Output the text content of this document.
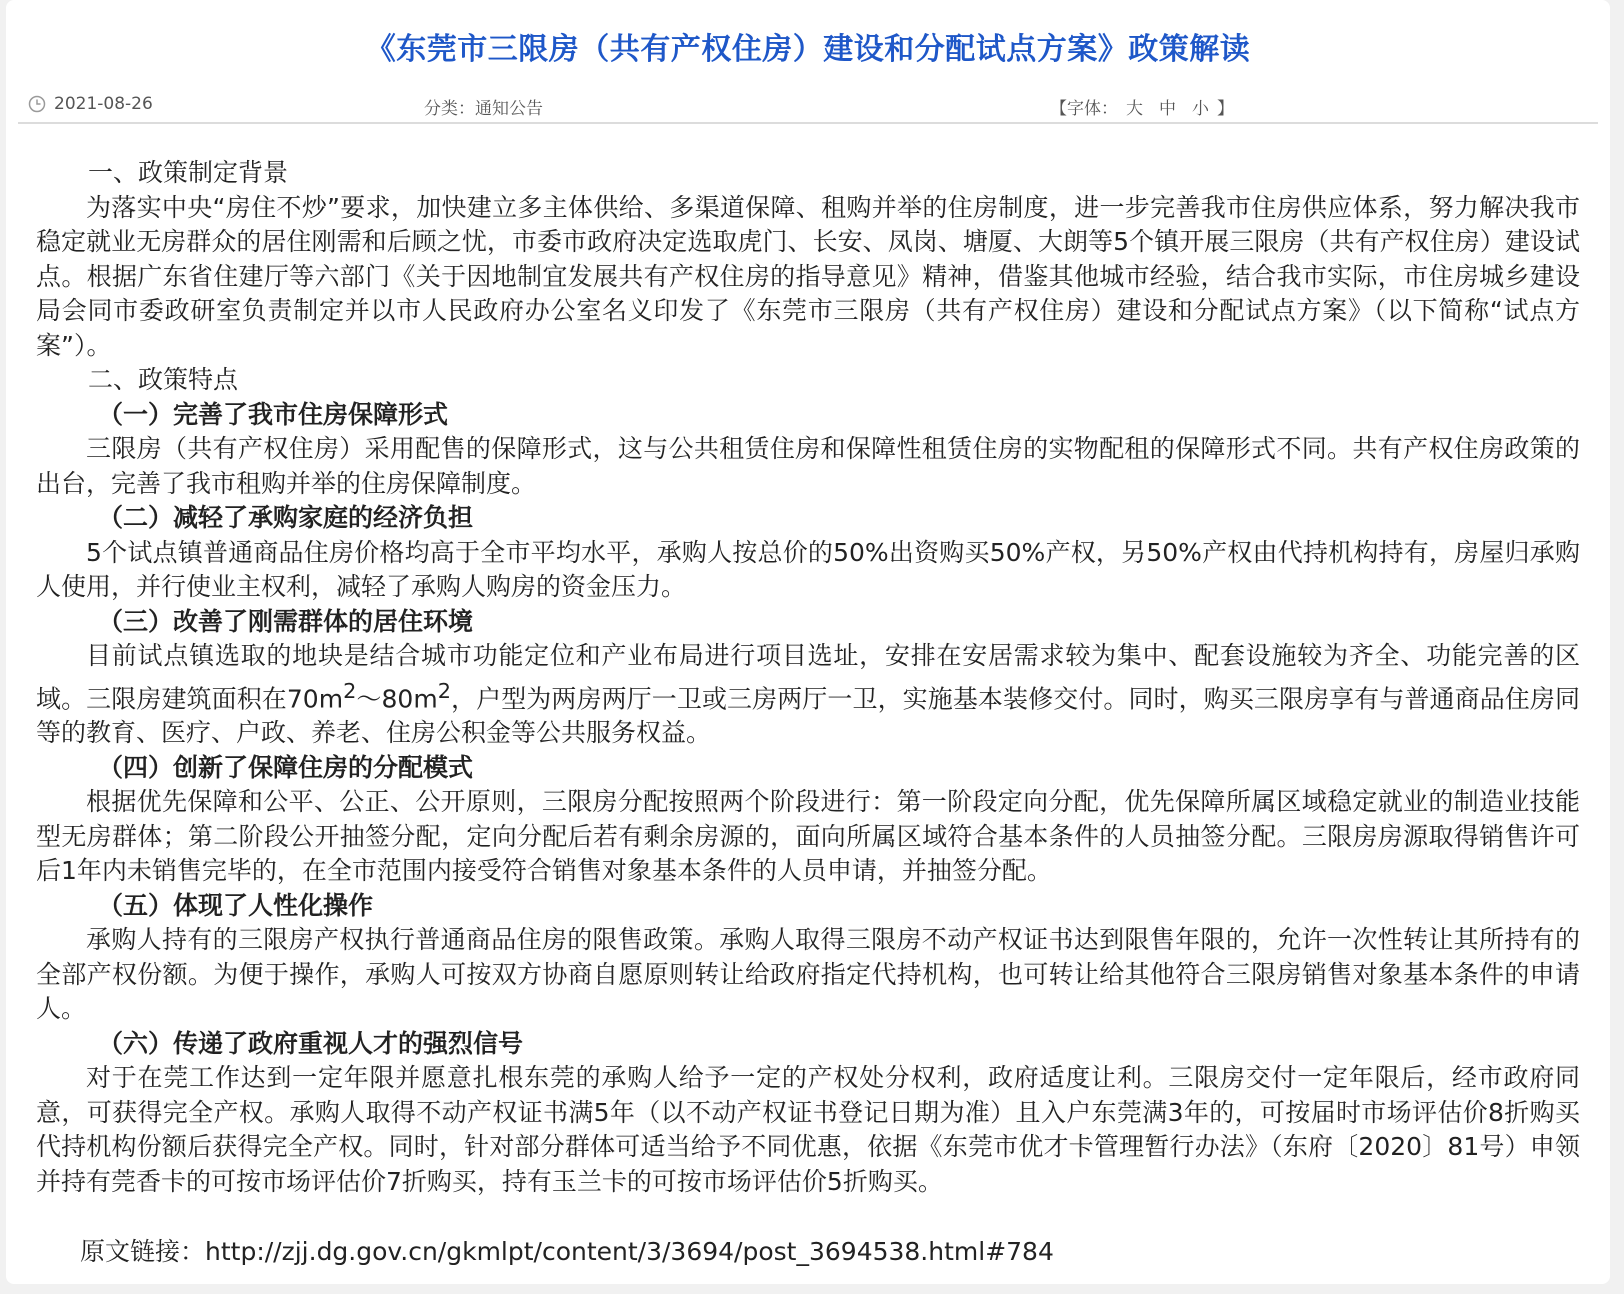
《东莞市三限房（共有产权住房）建设和分配试点方案》政策解读
2021-08-26	分类：通知公告	【字体： 大 中 小 】
一、政策制定背景

为落实中央“房住不炒”要求，加快建立多主体供给、多渠道保障、租购并举的住房制度，进一步完善我市住房供应体系，努力解决我市稳定就业无房群众的居住刚需和后顾之忧，市委市政府决定选取虎门、长安、凤岗、塘厦、大朗等5个镇开展三限房（共有产权住房）建设试点。根据广东省住建厅等六部门《关于因地制宜发展共有产权住房的指导意见》精神，借鉴其他城市经验，结合我市实际，市住房城乡建设局会同市委政研室负责制定并以市人民政府办公室名义印发了《东莞市三限房（共有产权住房）建设和分配试点方案》（以下简称“试点方案”）。

二、政策特点
（一）完善了我市住房保障形式

三限房（共有产权住房）采用配售的保障形式，这与公共租赁住房和保障性租赁住房的实物配租的保障形式不同。共有产权住房政策的出台，完善了我市租购并举的住房保障制度。

（二）减轻了承购家庭的经济负担

5个试点镇普通商品住房价格均高于全市平均水平，承购人按总价的50%出资购买50%产权，另50%产权由代持机构持有，房屋归承购人使用，并行使业主权利，减轻了承购人购房的资金压力。

（三）改善了刚需群体的居住环境

目前试点镇选取的地块是结合城市功能定位和产业布局进行项目选址，安排在安居需求较为集中、配套设施较为齐全、功能完善的区域。三限房建筑面积在$70m^2\sim 80m^2$，户型为两房两厅一卫或三房两厅一卫，实施基本装修交付。同时，购买三限房享有与普通商品住房同等的教育、医疗、户政、养老、住房公积金等公共服务权益。

（四）创新了保障住房的分配模式

根据优先保障和公平、公正、公开原则，三限房分配按照两个阶段进行：第一阶段定向分配，优先保障所属区域稳定就业的制造业技能型无房群体；第二阶段公开抽签分配，定向分配后若有剩余房源的，面向所属区域符合基本条件的人员抽签分配。三限房房源取得销售许可后1年内未销售完毕的，在全市范围内接受符合销售对象基本条件的人员申请，并抽签分配。

（五）体现了人性化操作

承购人持有的三限房产权执行普通商品住房的限售政策。承购人取得三限房不动产权证书达到限售年限的，允许一次性转让其所持有的全部产权份额。为便于操作，承购人可按双方协商自愿原则转让给政府指定代持机构，也可转让给其他符合三限房销售对象基本条件的申请人。

（六）传递了政府重视人才的强烈信号

对于在莞工作达到一定年限并愿意扎根东莞的承购人给予一定的产权处分权利，政府适度让利。三限房交付一定年限后，经市政府同意，可获得完全产权。承购人取得不动产权证书满5年（以不动产权证书登记日期为准）且入户东莞满3年的，可按届时市场评估价8折购买代持机构份额后获得完全产权。同时，针对部分群体可适当给予不同优惠，依据《东莞市优才卡管理暂行办法》（东府〔2020〕81号）申领并持有莞香卡的可按市场评估价7折购买，持有玉兰卡的可按市场评估价5折购买。

原文链接：http://zjj.dg.gov.cn/gkmlpt/content/3/3694/post_3694538.html#784
